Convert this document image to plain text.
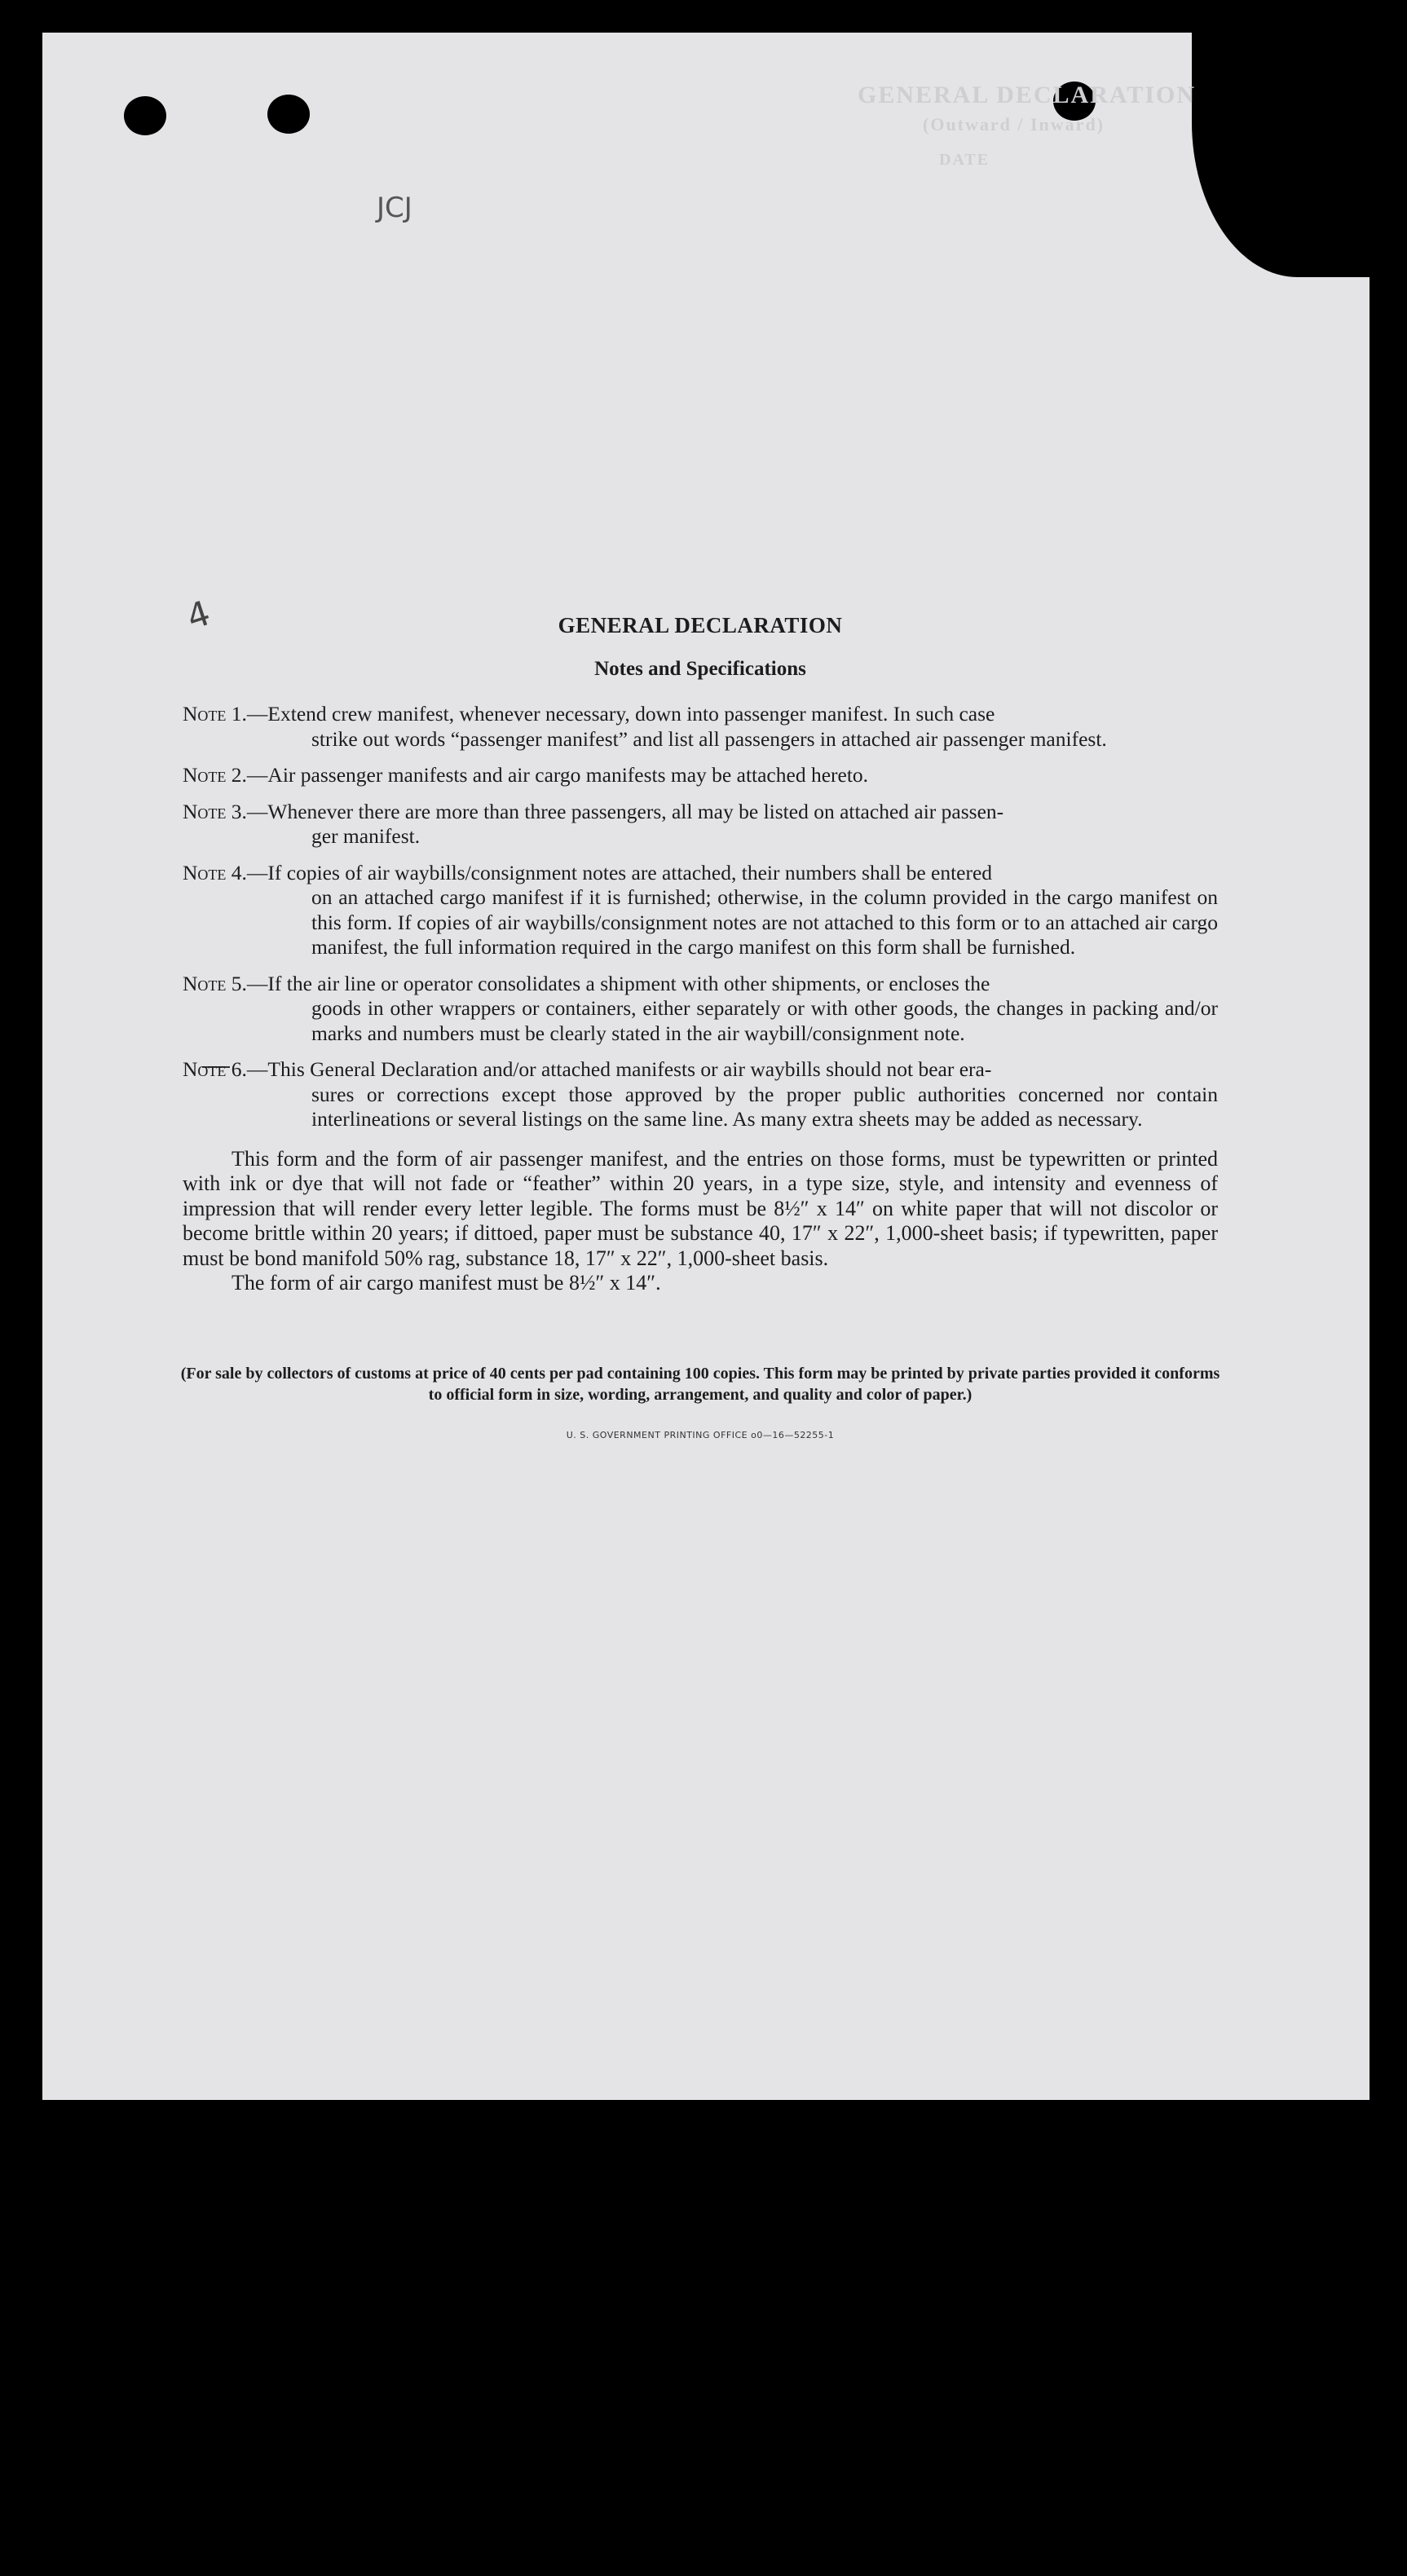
GENERAL DECLARATION
(Outward / Inward)
DATE
JCJ
4	GENERAL DECLARATION
Notes and Specifications
Note 1.—Extend crew manifest, whenever necessary, down into passenger manifest. In such case
strike out words “passenger manifest” and list all passengers in attached air passenger manifest.
Note 2.—Air passenger manifests and air cargo manifests may be attached hereto.
Note 3.—Whenever there are more than three passengers, all may be listed on attached air passen-
ger manifest.
Note 4.—If copies of air waybills/consignment notes are attached, their numbers shall be entered
on an attached cargo manifest if it is furnished; otherwise, in the column provided in the cargo manifest on this form. If copies of air waybills/consignment notes are not attached to this form or to an attached air cargo manifest, the full information required in the cargo manifest on this form shall be furnished.
Note 5.—If the air line or operator consolidates a shipment with other shipments, or encloses the
goods in other wrappers or containers, either separately or with other goods, the changes in packing and/or marks and numbers must be clearly stated in the air waybill/consignment note.
Note 6.—This General Declaration and/or attached manifests or air waybills should not bear era-
sures or corrections except those approved by the proper public authorities concerned nor contain interlineations or several listings on the same line. As many extra sheets may be added as necessary.

This form and the form of air passenger manifest, and the entries on those forms, must be typewritten or printed with ink or dye that will not fade or “feather” within 20 years, in a type size, style, and intensity and evenness of impression that will render every letter legible. The forms must be 8½″ x 14″ on white paper that will not discolor or become brittle within 20 years; if dittoed, paper must be substance 40, 17″ x 22″, 1,000-sheet basis; if typewritten, paper must be bond manifold 50% rag, substance 18, 17″ x 22″, 1,000-sheet basis.

The form of air cargo manifest must be 8½″ x 14″.

(For sale by collectors of customs at price of 40 cents per pad containing 100 copies. This form may be printed by private parties provided it conforms to official form in size, wording, arrangement, and quality and color of paper.)
U. S. GOVERNMENT PRINTING OFFICE o0—16—52255-1
